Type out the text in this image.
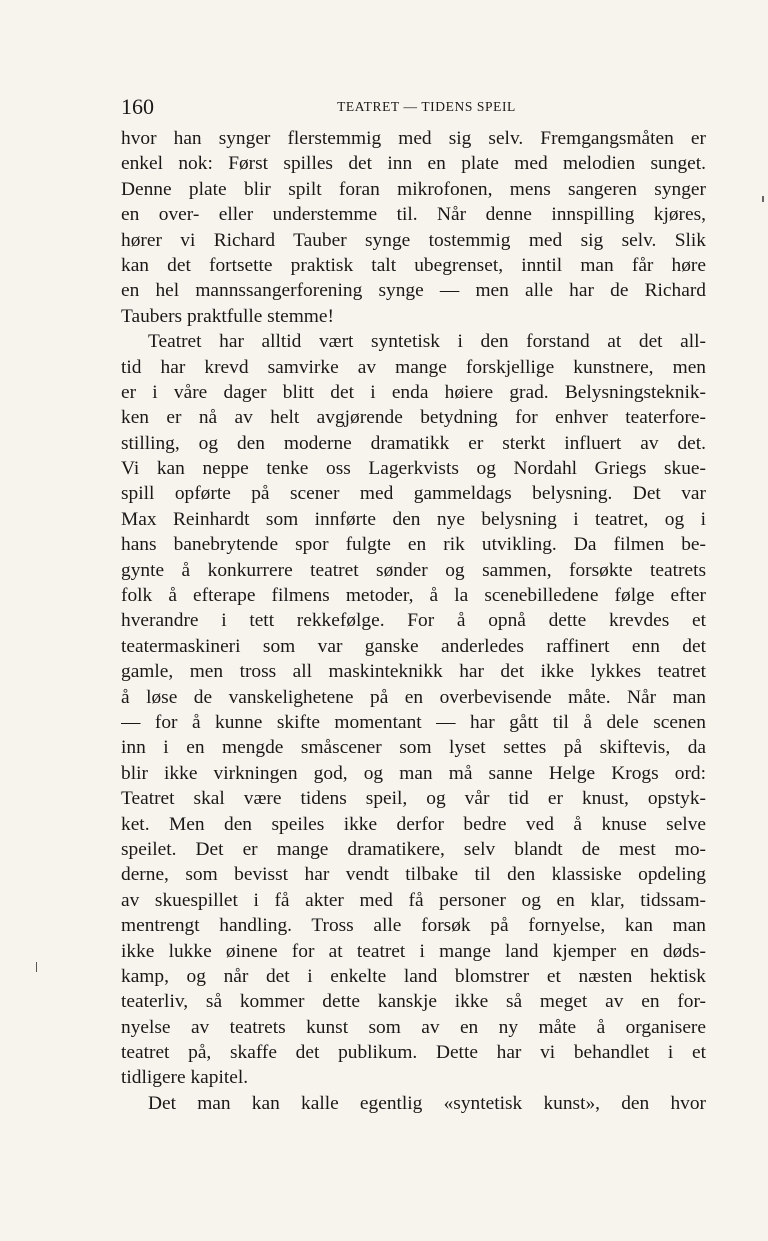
160	TEATRET — TIDENS SPEIL
hvor han synger flerstemmig med sig selv. Fremgangsmåten er
enkel nok: Først spilles det inn en plate med melodien sunget.
Denne plate blir spilt foran mikrofonen, mens sangeren synger
en over- eller understemme til. Når denne innspilling kjøres,
hører vi Richard Tauber synge tostemmig med sig selv. Slik
kan det fortsette praktisk talt ubegrenset, inntil man får høre
en hel mannssangerforening synge — men alle har de Richard
Taubers praktfulle stemme!
Teatret har alltid vært syntetisk i den forstand at det all-
tid har krevd samvirke av mange forskjellige kunstnere, men
er i våre dager blitt det i enda høiere grad. Belysningsteknik-
ken er nå av helt avgjørende betydning for enhver teaterfore-
stilling, og den moderne dramatikk er sterkt influert av det.
Vi kan neppe tenke oss Lagerkvists og Nordahl Griegs skue-
spill opførte på scener med gammeldags belysning. Det var
Max Reinhardt som innførte den nye belysning i teatret, og i
hans banebrytende spor fulgte en rik utvikling. Da filmen be-
gynte å konkurrere teatret sønder og sammen, forsøkte teatrets
folk å efterape filmens metoder, å la scenebilledene følge efter
hverandre i tett rekkefølge. For å opnå dette krevdes et
teatermaskineri som var ganske anderledes raffinert enn det
gamle, men tross all maskinteknikk har det ikke lykkes teatret
å løse de vanskelighetene på en overbevisende måte. Når man
— for å kunne skifte momentant — har gått til å dele scenen
inn i en mengde småscener som lyset settes på skiftevis, da
blir ikke virkningen god, og man må sanne Helge Krogs ord:
Teatret skal være tidens speil, og vår tid er knust, opstyk-
ket. Men den speiles ikke derfor bedre ved å knuse selve
speilet. Det er mange dramatikere, selv blandt de mest mo-
derne, som bevisst har vendt tilbake til den klassiske opdeling
av skuespillet i få akter med få personer og en klar, tidssam-
mentrengt handling. Tross alle forsøk på fornyelse, kan man
ikke lukke øinene for at teatret i mange land kjemper en døds-
kamp, og når det i enkelte land blomstrer et næsten hektisk
teaterliv, så kommer dette kanskje ikke så meget av en for-
nyelse av teatrets kunst som av en ny måte å organisere
teatret på, skaffe det publikum. Dette har vi behandlet i et
tidligere kapitel.
Det man kan kalle egentlig «syntetisk kunst», den hvor
